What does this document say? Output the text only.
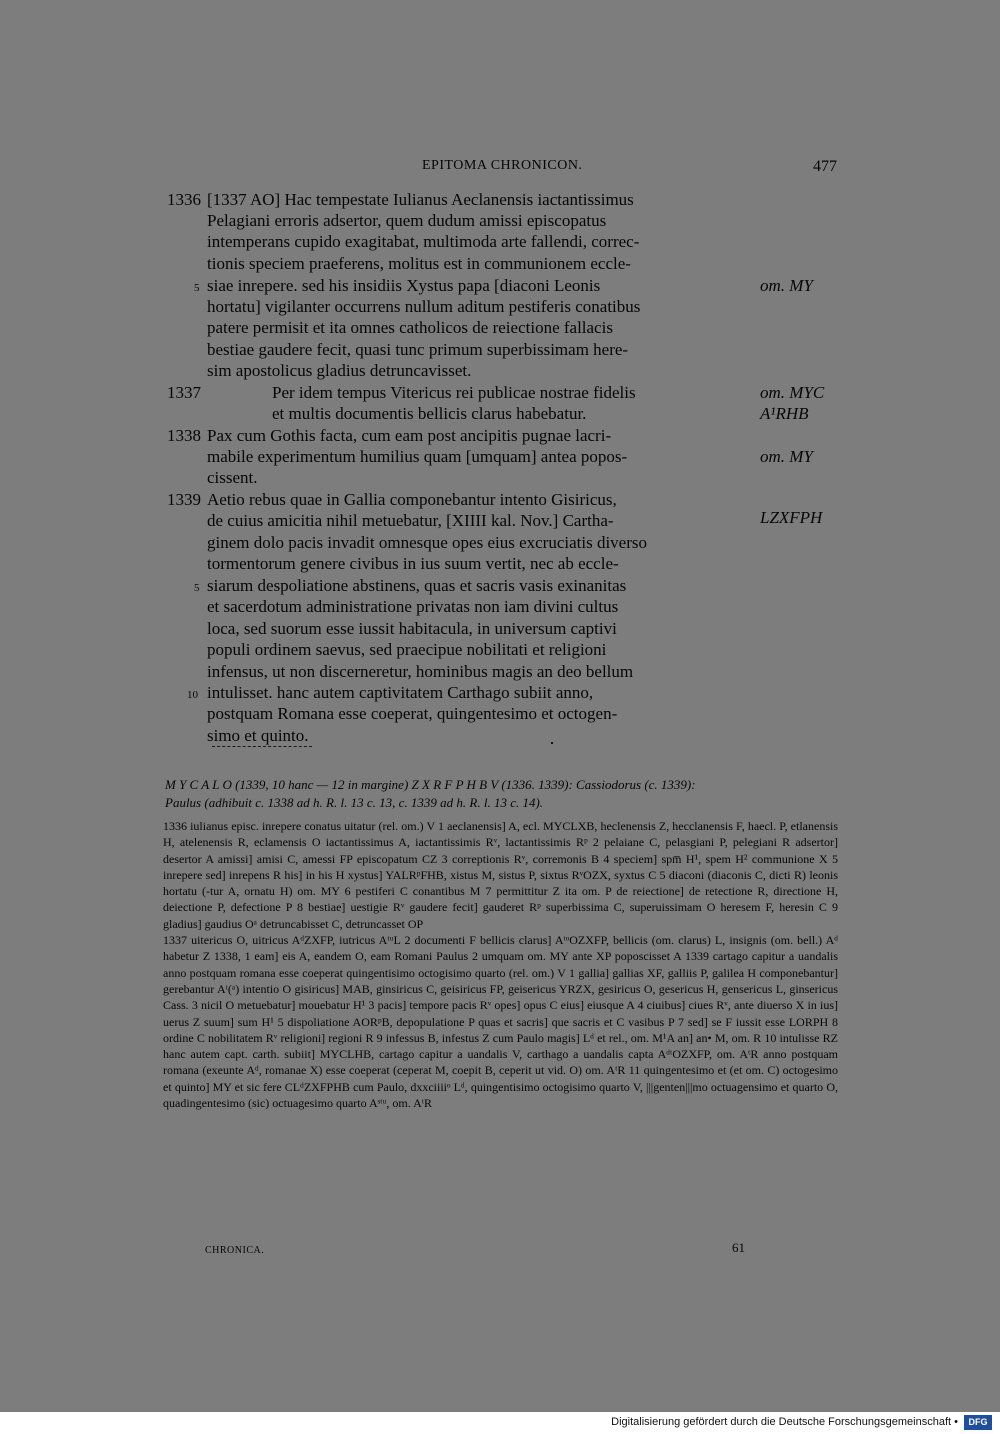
EPITOMA CHRONICON.	477
1336 [1337 AO] Hac tempestate Iulianus Aeclanensis iactantissimus
Pelagiani erroris adsertor, quem dudum amissi episcopatus
intemperans cupido exagitabat, multimoda arte fallendi, correc-
tionis speciem praeferens, molitus est in communionem eccle-
5 siae inrepere. sed his insidiis Xystus papa [diaconi Leonis	om. MY
hortatu] vigilanter occurrens nullum aditum pestiferis conatibus
patere permisit et ita omnes catholicos de reiectione fallacis
bestiae gaudere fecit, quasi tunc primum superbissimam here-
sim apostolicus gladius detruncavisset.
1337	Per idem tempus Vitericus rei publicae nostrae fidelis	om. MYC
et multis documentis bellicis clarus habebatur.	A¹RHB
1338 Pax cum Gothis facta, cum eam post ancipitis pugnae lacri-
mabile experimentum humilius quam [umquam] antea popos-	om. MY
cissent.
1339 Aetio rebus quae in Gallia componebantur intento Gisiricus,
de cuius amicitia nihil metuebatur, [XIIII kal. Nov.] Cartha-	LZXFPH
ginem dolo pacis invadit omnesque opes eius excruciatis diverso
tormentorum genere civibus in ius suum vertit, nec ab eccle-
5 siarum despoliatione abstinens, quas et sacris vasis exinanitas
et sacerdotum administratione privatas non iam divini cultus
loca, sed suorum esse iussit habitacula, in universum captivi
populi ordinem saevus, sed praecipue nobilitati et religioni
infensus, ut non discerneretur, hominibus magis an deo bellum
10 intulisset. hanc autem captivitatem Carthago subiit anno,
postquam Romana esse coeperat, quingentesimo et octogen-
simo et quinto.

M Y C A L O (1339, 10 hanc — 12 in margine) Z X R F P H B V (1336. 1339): Cassiodorus (c. 1339):

Paulus (adhibuit c. 1338 ad h. R. l. 13 c. 13, c. 1339 ad h. R. l. 13 c. 14).

1336 iulianus episc. inrepere conatus uitatur (rel. om.) V 1 aeclanensis] A, ecl. MYCLXB, heclenensis Z, hecclanensis F, haecl. P, etlanensis H, atelenensis R, eclamensis O iactantissimus A, iactantissimis Rᵛ, lactantissimis Rᵖ 2 pelaiane C, pelasgiani P, pelegiani R adsertor] desertor A amissi] amisi C, amessi FP episcopatum CZ 3 correptionis Rᵛ, corremonis B 4 speciem] spm̅ H¹, spem H² communione X 5 inrepere sed] inrepens R his] in his H xystus] YALRᵖFHB, xistus M, sistus P, sixtus RᵛOZX, syxtus C 5 diaconi (diaconis C, dicti R) leonis hortatu (-tur A, ornatu H) om. MY 6 pestiferi C conantibus M 7 permittitur Z ita om. P de reiectione] de retectione R, directione H, deiectione P, defectione P 8 bestiae] uestigie Rᵛ gaudere fecit] gauderet Rᵖ superbissima C, superuissimam O heresem F, heresin C 9 gladius] gaudius Oᵃ detruncabisset C, detruncasset OP

1337 uitericus O, uitricus AᵈZXFP, iutricus AᵗᵘL 2 documenti F bellicis clarus] AᵗᵒOZXFP, bellicis (om. clarus) L, insignis (om. bell.) Aᵈ habetur Z 1338, 1 eam] eis A, eandem O, eam Romani Paulus 2 umquam om. MY ante XP poposcisset A 1339 cartago capitur a uandalis anno postquam romana esse coeperat quingentisimo octogisimo quarto (rel. om.) V 1 gallia] gallias XF, galliis P, galilea H componebantur] gerebantur Aᵗ(ᵃ) intentio O gisiricus] MAB, ginsiricus C, geisiricus FP, geisericus YRZX, gesiricus O, gesericus H, gensericus L, ginsericus Cass. 3 nicil O metuebatur] mouebatur H¹ 3 pacis] tempore pacis Rᵛ opes] opus C eius] eiusque A 4 ciuibus] ciues Rᵛ, ante diuerso X in ius] uerus Z suum] sum H¹ 5 dispoliatione AORᵖB, depopulatione P quas et sacris] que sacris et C vasibus P 7 sed] se F iussit esse LORPH 8 ordine C nobilitatem Rᵛ religioni] regioni R 9 infessus B, infestus Z cum Paulo magis] Lᵈ et rel., om. M¹A an] an• M, om. R 10 intulisse RZ hanc autem capt. carth. subiit] MYCLHB, cartago capitur a uandalis V, carthago a uandalis capta AᵈᵗOZXFP, om. AᵗR anno postquam romana (exeunte Aᵈ, romanae X) esse coeperat (ceperat M, coepit B, ceperit ut vid. O) om. AᵗR 11 quingentesimo et (et om. C) octogesimo et quinto] MY et sic fere CLᵈZXFPHB cum Paulo, dxxciiiiᵒ Lᵈ, quingentisimo octogisimo quarto V, |||genten|||mo octuagensimo et quarto O, quadingentesimo (sic) octuagesimo quarto Aˢᵗᵘ, om. AᵗR

CHRONICA.	61
Digitalisierung gefördert durch die Deutsche Forschungsgemeinschaft •	DFG
